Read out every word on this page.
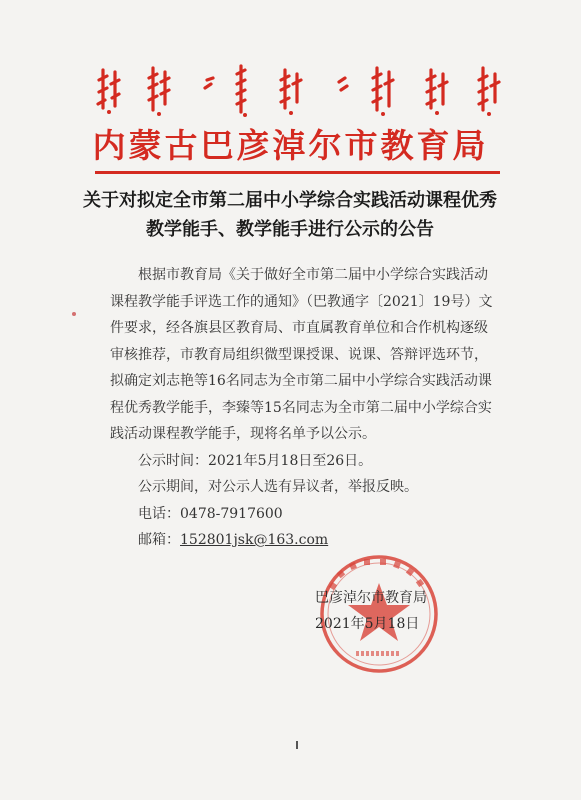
内蒙古巴彦淖尔市教育局
关于对拟定全市第二届中小学综合实践活动课程优秀
教学能手、教学能手进行公示的公告

根据市教育局《关于做好全市第二届中小学综合实践活动课程教学能手评选工作的通知》（巴教通字〔2021〕19号）文件要求，经各旗县区教育局、市直属教育单位和合作机构逐级审核推荐，市教育局组织微型课授课、说课、答辩评选环节，拟确定刘志艳等16名同志为全市第二届中小学综合实践活动课程优秀教学能手，李臻等15名同志为全市第二届中小学综合实践活动课程教学能手，现将名单予以公示。

公示时间：2021年5月18日至26日。

公示期间，对公示人选有异议者，举报反映。

电话：0478-7917600

邮箱：152801jsk@163.com

巴彦淖尔市教育局
2021年5月18日
